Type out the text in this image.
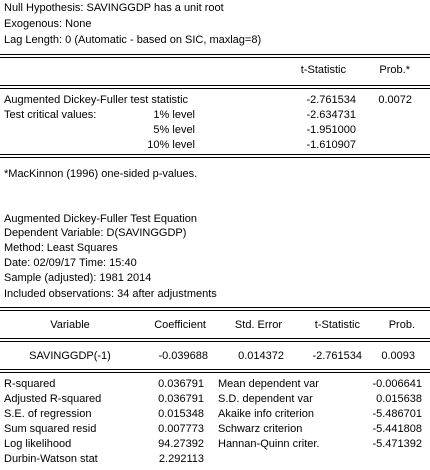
Null Hypothesis: SAVINGGDP has a unit root
Exogenous: None
Lag Length: 0 (Automatic - based on SIC, maxlag=8)
t-Statistic	Prob.*
Augmented Dickey-Fuller test statistic	-2.761534	0.0072
Test critical values:	1% level	-2.634731
5% level	-1.951000
10% level	-1.610907
*MacKinnon (1996) one-sided p-values.
Augmented Dickey-Fuller Test Equation
Dependent Variable: D(SAVINGGDP)
Method: Least Squares
Date: 02/09/17 Time: 15:40
Sample (adjusted): 1981 2014
Included observations: 34 after adjustments
Variable	Coefficient	Std. Error	t-Statistic	Prob.
SAVINGGDP(-1)	-0.039688	0.014372	-2.761534	0.0093
R-squared	0.036791 Mean dependent var	-0.006641
Adjusted R-squared	0.036791 S.D. dependent var	0.015638
S.E. of regression	0.015348 Akaike info criterion	-5.486701
Sum squared resid	0.007773 Schwarz criterion	-5.441808
Log likelihood	94.27392 Hannan-Quinn criter.	-5.471392
Durbin-Watson stat	2.292113
